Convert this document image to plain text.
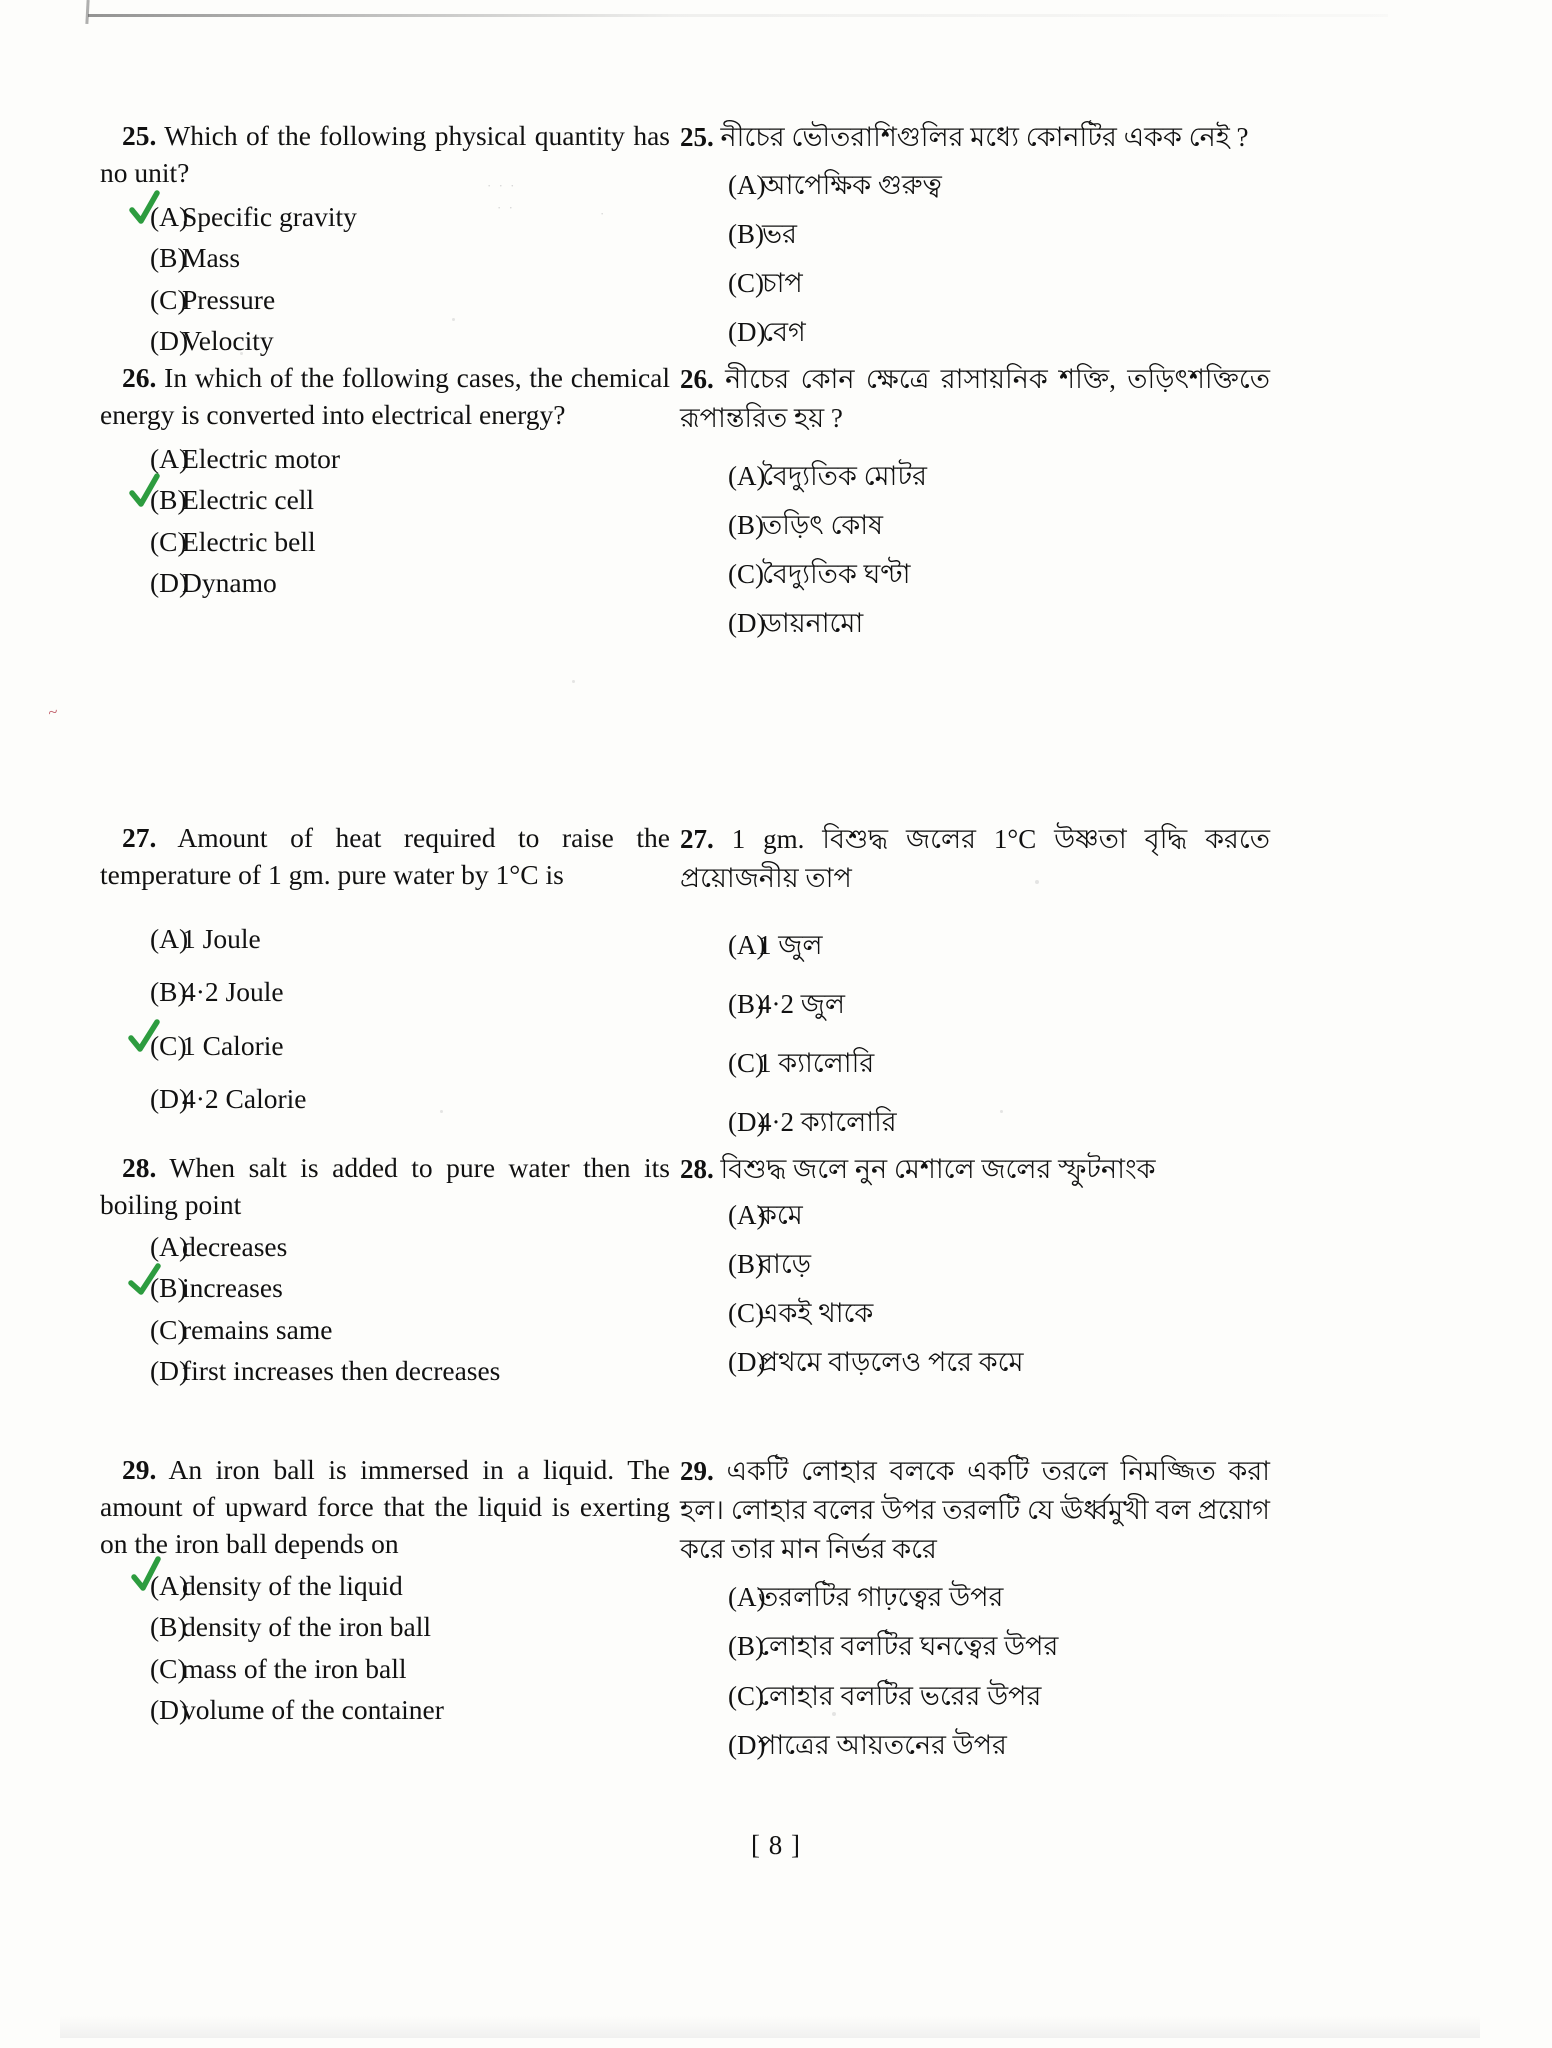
~
· · ·
· ·	·

25. Which of the following physical quantity has no unit?

(A)
Specific gravity
(B)
Mass
(C)
Pressure
(D)
Velocity

25. নীচের ভৌতরাশিগুলির মধ্যে কোনটির একক নেই ?

(A)
আপেক্ষিক গুরুত্ব
(B)
ভর
(C)
চাপ
(D)
বেগ

26. In which of the following cases, the chemical energy is converted into electrical energy?

(A)
Electric motor
(B)
Electric cell
(C)
Electric bell
(D)
Dynamo

26. নীচের কোন ক্ষেত্রে রাসায়নিক শক্তি, তড়িৎশক্তিতে রূপান্তরিত হয় ?

(A)
বৈদ্যুতিক মোটর
(B)
তড়িৎ কোষ
(C)
বৈদ্যুতিক ঘণ্টা
(D)
ডায়নামো

27. Amount of heat required to raise the temperature of 1 gm. pure water by 1°C is

(A)
1 Joule
(B)
4·2 Joule
(C)
1 Calorie
(D)
4·2 Calorie

27. 1 gm. বিশুদ্ধ জলের 1°C উষ্ণতা বৃদ্ধি করতে প্রয়োজনীয় তাপ

(A)
1 জুল
(B)
4·2 জুল
(C)
1 ক্যালোরি
(D)
4·2 ক্যালোরি

28. When salt is added to pure water then its boiling point

(A)
decreases
(B)
increases
(C)
remains same
(D)
first increases then decreases

28. বিশুদ্ধ জলে নুন মেশালে জলের স্ফুটনাংক

(A)
কমে
(B)
বাড়ে
(C)
একই থাকে
(D)
প্রথমে বাড়লেও পরে কমে

29. An iron ball is immersed in a liquid. The amount of upward force that the liquid is exerting on the iron ball depends on

(A)
density of the liquid
(B)
density of the iron ball
(C)
mass of the iron ball
(D)
volume of the container

29. একটি লোহার বলকে একটি তরলে নিমজ্জিত করা হল। লোহার বলের উপর তরলটি যে ঊর্ধ্বমুখী বল প্রয়োগ করে তার মান নির্ভর করে

(A)
তরলটির গাঢ়ত্বের উপর
(B)
লোহার বলটির ঘনত্বের উপর
(C)
লোহার বলটির ভরের উপর
(D)
পাত্রের আয়তনের উপর
[ 8 ]
